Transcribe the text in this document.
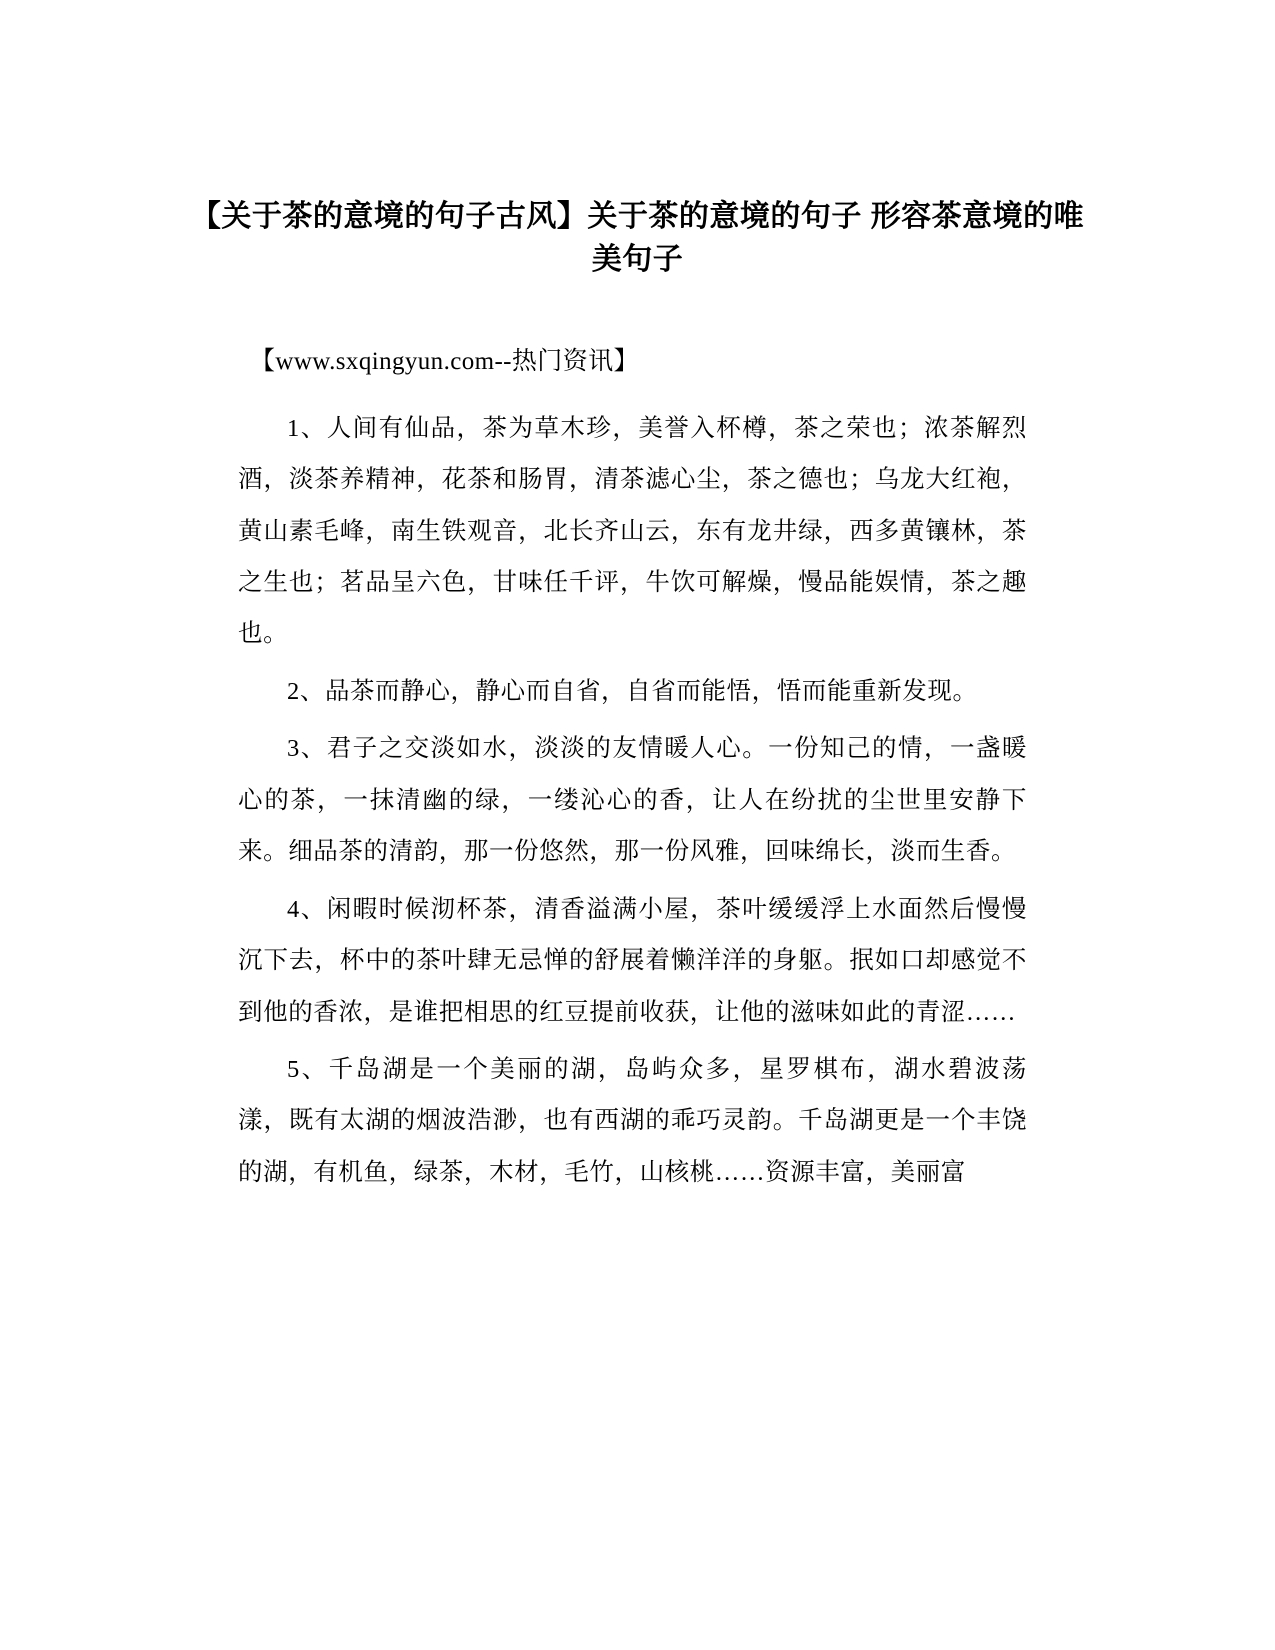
【关于茶的意境的句子古风】关于茶的意境的句子 形容茶意境的唯美句子

【www.sxqingyun.com--热门资讯】

1、人间有仙品，茶为草木珍，美誉入杯樽，茶之荣也；浓茶解烈酒，淡茶养精神，花茶和肠胃，清茶滤心尘，茶之德也；乌龙大红袍，黄山素毛峰，南生铁观音，北长齐山云，东有龙井绿，西多黄镶林，茶之生也；茗品呈六色，甘味任千评，牛饮可解燥，慢品能娱情，茶之趣也。

2、品茶而静心，静心而自省，自省而能悟，悟而能重新发现。

3、君子之交淡如水，淡淡的友情暖人心。一份知己的情，一盏暖心的茶，一抹清幽的绿，一缕沁心的香，让人在纷扰的尘世里安静下来。细品茶的清韵，那一份悠然，那一份风雅，回味绵长，淡而生香。

4、闲暇时候沏杯茶，清香溢满小屋，茶叶缓缓浮上水面然后慢慢沉下去，杯中的茶叶肆无忌惮的舒展着懒洋洋的身躯。抿如口却感觉不到他的香浓，是谁把相思的红豆提前收获，让他的滋味如此的青涩……

5、千岛湖是一个美丽的湖，岛屿众多，星罗棋布，湖水碧波荡漾，既有太湖的烟波浩渺，也有西湖的乖巧灵韵。千岛湖更是一个丰饶的湖，有机鱼，绿茶，木材，毛竹，山核桃……资源丰富，美丽富
